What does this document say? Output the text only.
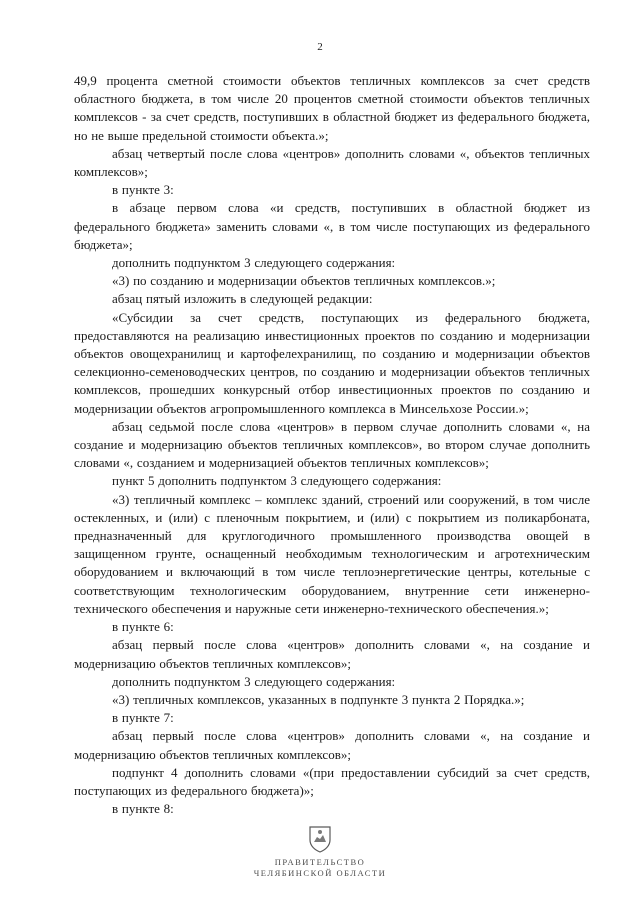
2

49,9 процента сметной стоимости объектов тепличных комплексов за счет средств областного бюджета, в том числе 20 процентов сметной стоимости объектов тепличных комплексов - за счет средств, поступивших в областной бюджет из федерального бюджета, но не выше предельной стоимости объекта.»;

абзац четвертый после слова «центров» дополнить словами «, объектов тепличных комплексов»;

в пункте 3:

в абзаце первом слова «и средств, поступивших в областной бюджет из федерального бюджета» заменить словами «, в том числе поступающих из федерального бюджета»;

дополнить подпунктом 3 следующего содержания:

«3) по созданию и модернизации объектов тепличных комплексов.»;

абзац пятый изложить в следующей редакции:

«Субсидии за счет средств, поступающих из федерального бюджета, предоставляются на реализацию инвестиционных проектов по созданию и модернизации объектов овощехранилищ и картофелехранилищ, по созданию и модернизации объектов селекционно-семеноводческих центров, по созданию и модернизации объектов тепличных комплексов, прошедших конкурсный отбор инвестиционных проектов по созданию и модернизации объектов агропромышленного комплекса в Минсельхозе России.»;

абзац седьмой после слова «центров» в первом случае дополнить словами «, на создание и модернизацию объектов тепличных комплексов», во втором случае дополнить словами «, созданием и модернизацией объектов тепличных комплексов»;

пункт 5 дополнить подпунктом 3 следующего содержания:

«3) тепличный комплекс – комплекс зданий, строений или сооружений, в том числе остекленных, и (или) с пленочным покрытием, и (или) с покрытием из поликарбоната, предназначенный для круглогодичного промышленного производства овощей в защищенном грунте, оснащенный необходимым технологическим и агротехническим оборудованием и включающий в том числе теплоэнергетические центры, котельные с соответствующим технологическим оборудованием, внутренние сети инженерно-технического обеспечения и наружные сети инженерно-технического обеспечения.»;

в пункте 6:

абзац первый после слова «центров» дополнить словами «, на создание и модернизацию объектов тепличных комплексов»;

дополнить подпунктом 3 следующего содержания:

«3) тепличных комплексов, указанных в подпункте 3 пункта 2 Порядка.»;

в пункте 7:

абзац первый после слова «центров» дополнить словами «, на создание и модернизацию объектов тепличных комплексов»;

подпункт 4 дополнить словами «(при предоставлении субсидий за счет средств, поступающих из федерального бюджета)»;

в пункте 8:

ПРАВИТЕЛЬСТВО
ЧЕЛЯБИНСКОЙ ОБЛАСТИ
